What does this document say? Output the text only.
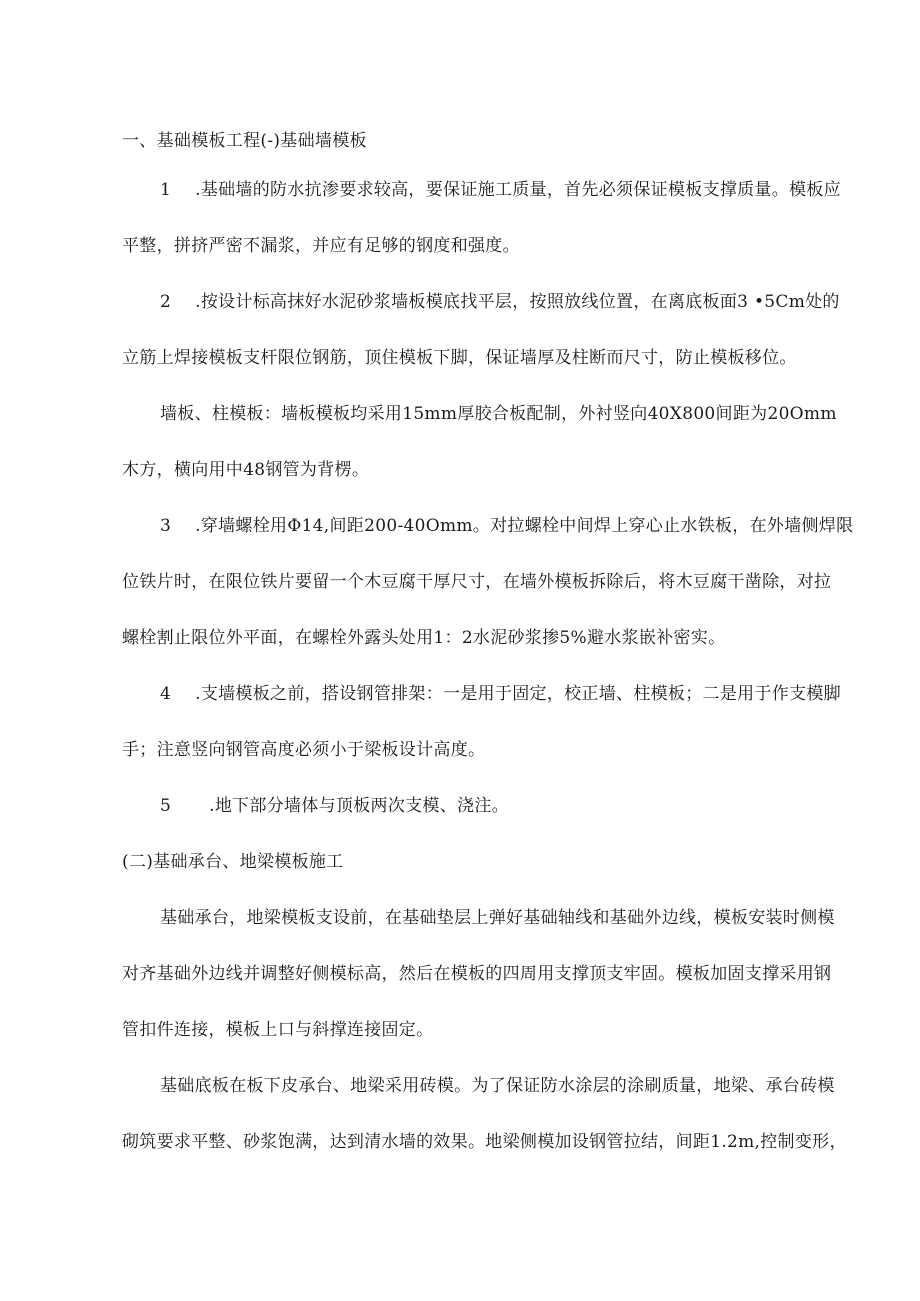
一、基础模板工程(-)基础墙模板
1 .基础墙的防水抗渗要求较高，要保证施工质量，首先必须保证模板支撑质量。模板应
平整，拼挤严密不漏浆，并应有足够的钢度和强度。
2 .按设计标高抹好水泥砂浆墙板模底找平层，按照放线位置，在离底板面3 •5Cm处的
立筋上焊接模板支杆限位钢筋，顶住模板下脚，保证墙厚及柱断而尺寸，防止模板移位。
墙板、柱模板：墙板模板均采用15mm厚胶合板配制，外衬竖向40X800间距为20Omm
木方，横向用中48钢管为背楞。
3 .穿墙螺栓用Φ14,间距200-40Omm。对拉螺栓中间焊上穿心止水铁板，在外墙侧焊限
位铁片时，在限位铁片要留一个木豆腐干厚尺寸，在墙外模板拆除后，将木豆腐干凿除，对拉
螺栓割止限位外平面，在螺栓外露头处用1：2水泥砂浆掺5%避水浆嵌补密实。
4 .支墙模板之前，搭设钢管排架：一是用于固定，校正墙、柱模板；二是用于作支模脚
手；注意竖向钢管高度必须小于梁板设计高度。
5 .地下部分墙体与顶板两次支模、浇注。
(二)基础承台、地梁模板施工
基础承台，地梁模板支设前，在基础垫层上弹好基础轴线和基础外边线，模板安装时侧模
对齐基础外边线并调整好侧模标高，然后在模板的四周用支撑顶支牢固。模板加固支撑采用钢
管扣件连接，模板上口与斜撑连接固定。
基础底板在板下皮承台、地梁采用砖模。为了保证防水涂层的涂刷质量，地梁、承台砖模
砌筑要求平整、砂浆饱满，达到清水墙的效果。地梁侧模加设钢管拉结，间距1.2m,控制变形，
